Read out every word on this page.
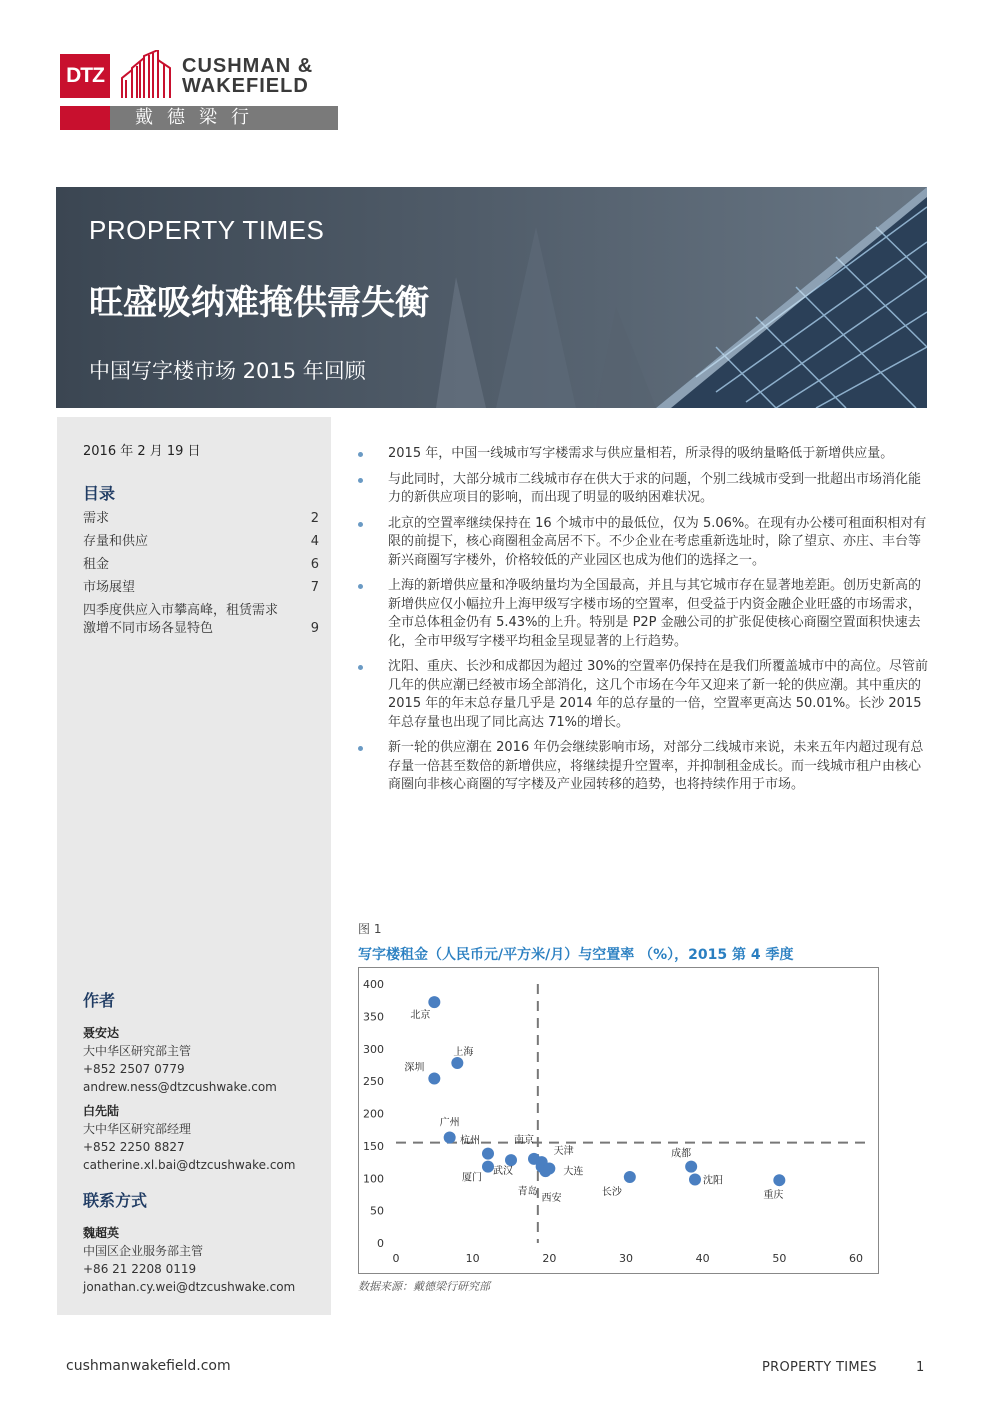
DTZ	CUSHMAN &
WAKEFIELD
戴德梁行
PROPERTY TIMES
旺盛吸纳难掩供需失衡
中国写字楼市场 2015 年回顾
2016 年 2 月 19 日
目录
需求	2
存量和供应	4
租金	6
市场展望	7
四季度供应入市攀高峰，租赁需求激增不同市场各显特色	9
作者
聂安达
大中华区研究部主管
+852 2507 0779
andrew.ness@dtzcushwake.com
白先陆
大中华区研究部经理
+852 2250 8827
catherine.xl.bai@dtzcushwake.com
联系方式
魏超英
中国区企业服务部主管
+86 21 2208 0119
jonathan.cy.wei@dtzcushwake.com
2015 年，中国一线城市写字楼需求与供应量相若，所录得的吸纳量略低于新增供应量。
与此同时，大部分城市二线城市存在供大于求的问题，个别二线城市受到一批超出市场消化能力的新供应项目的影响，而出现了明显的吸纳困难状况。
北京的空置率继续保持在 16 个城市中的最低位，仅为 5.06%。在现有办公楼可租面积相对有限的前提下，核心商圈租金高居不下。不少企业在考虑重新选址时，除了望京、亦庄、丰台等新兴商圈写字楼外，价格较低的产业园区也成为他们的选择之一。
上海的新增供应量和净吸纳量均为全国最高，并且与其它城市存在显著地差距。创历史新高的新增供应仅小幅拉升上海甲级写字楼市场的空置率，但受益于内资金融企业旺盛的市场需求，全市总体租金仍有 5.43%的上升。特别是 P2P 金融公司的扩张促使核心商圈空置面积快速去化，全市甲级写字楼平均租金呈现显著的上行趋势。
沈阳、重庆、长沙和成都因为超过 30%的空置率仍保持在是我们所覆盖城市中的高位。尽管前几年的供应潮已经被市场全部消化，这几个市场在今年又迎来了新一轮的供应潮。其中重庆的 2015 年的年末总存量几乎是 2014 年的总存量的一倍，空置率更高达 50.01%。长沙 2015 年总存量也出现了同比高达 71%的增长。
新一轮的供应潮在 2016 年仍会继续影响市场，对部分二线城市来说，未来五年内超过现有总存量一倍甚至数倍的新增供应，将继续提升空置率，并抑制租金成长。而一线城市租户由核心商圈向非核心商圈的写字楼及产业园转移的趋势，也将持续作用于市场。
图 1
写字楼租金（人民币元/平方米/月）与空置率 （%），2015 第 4 季度
0
50
100
150
200
250
300
350
400
0	10	20	30	40	50	60
北京
上海
深圳
广州
杭州
厦门
武汉
南京
青岛
天津
西安
大连
长沙
成都
沈阳
重庆
数据来源：戴德梁行研究部
cushmanwakefield.com	PROPERTY TIMES	1
